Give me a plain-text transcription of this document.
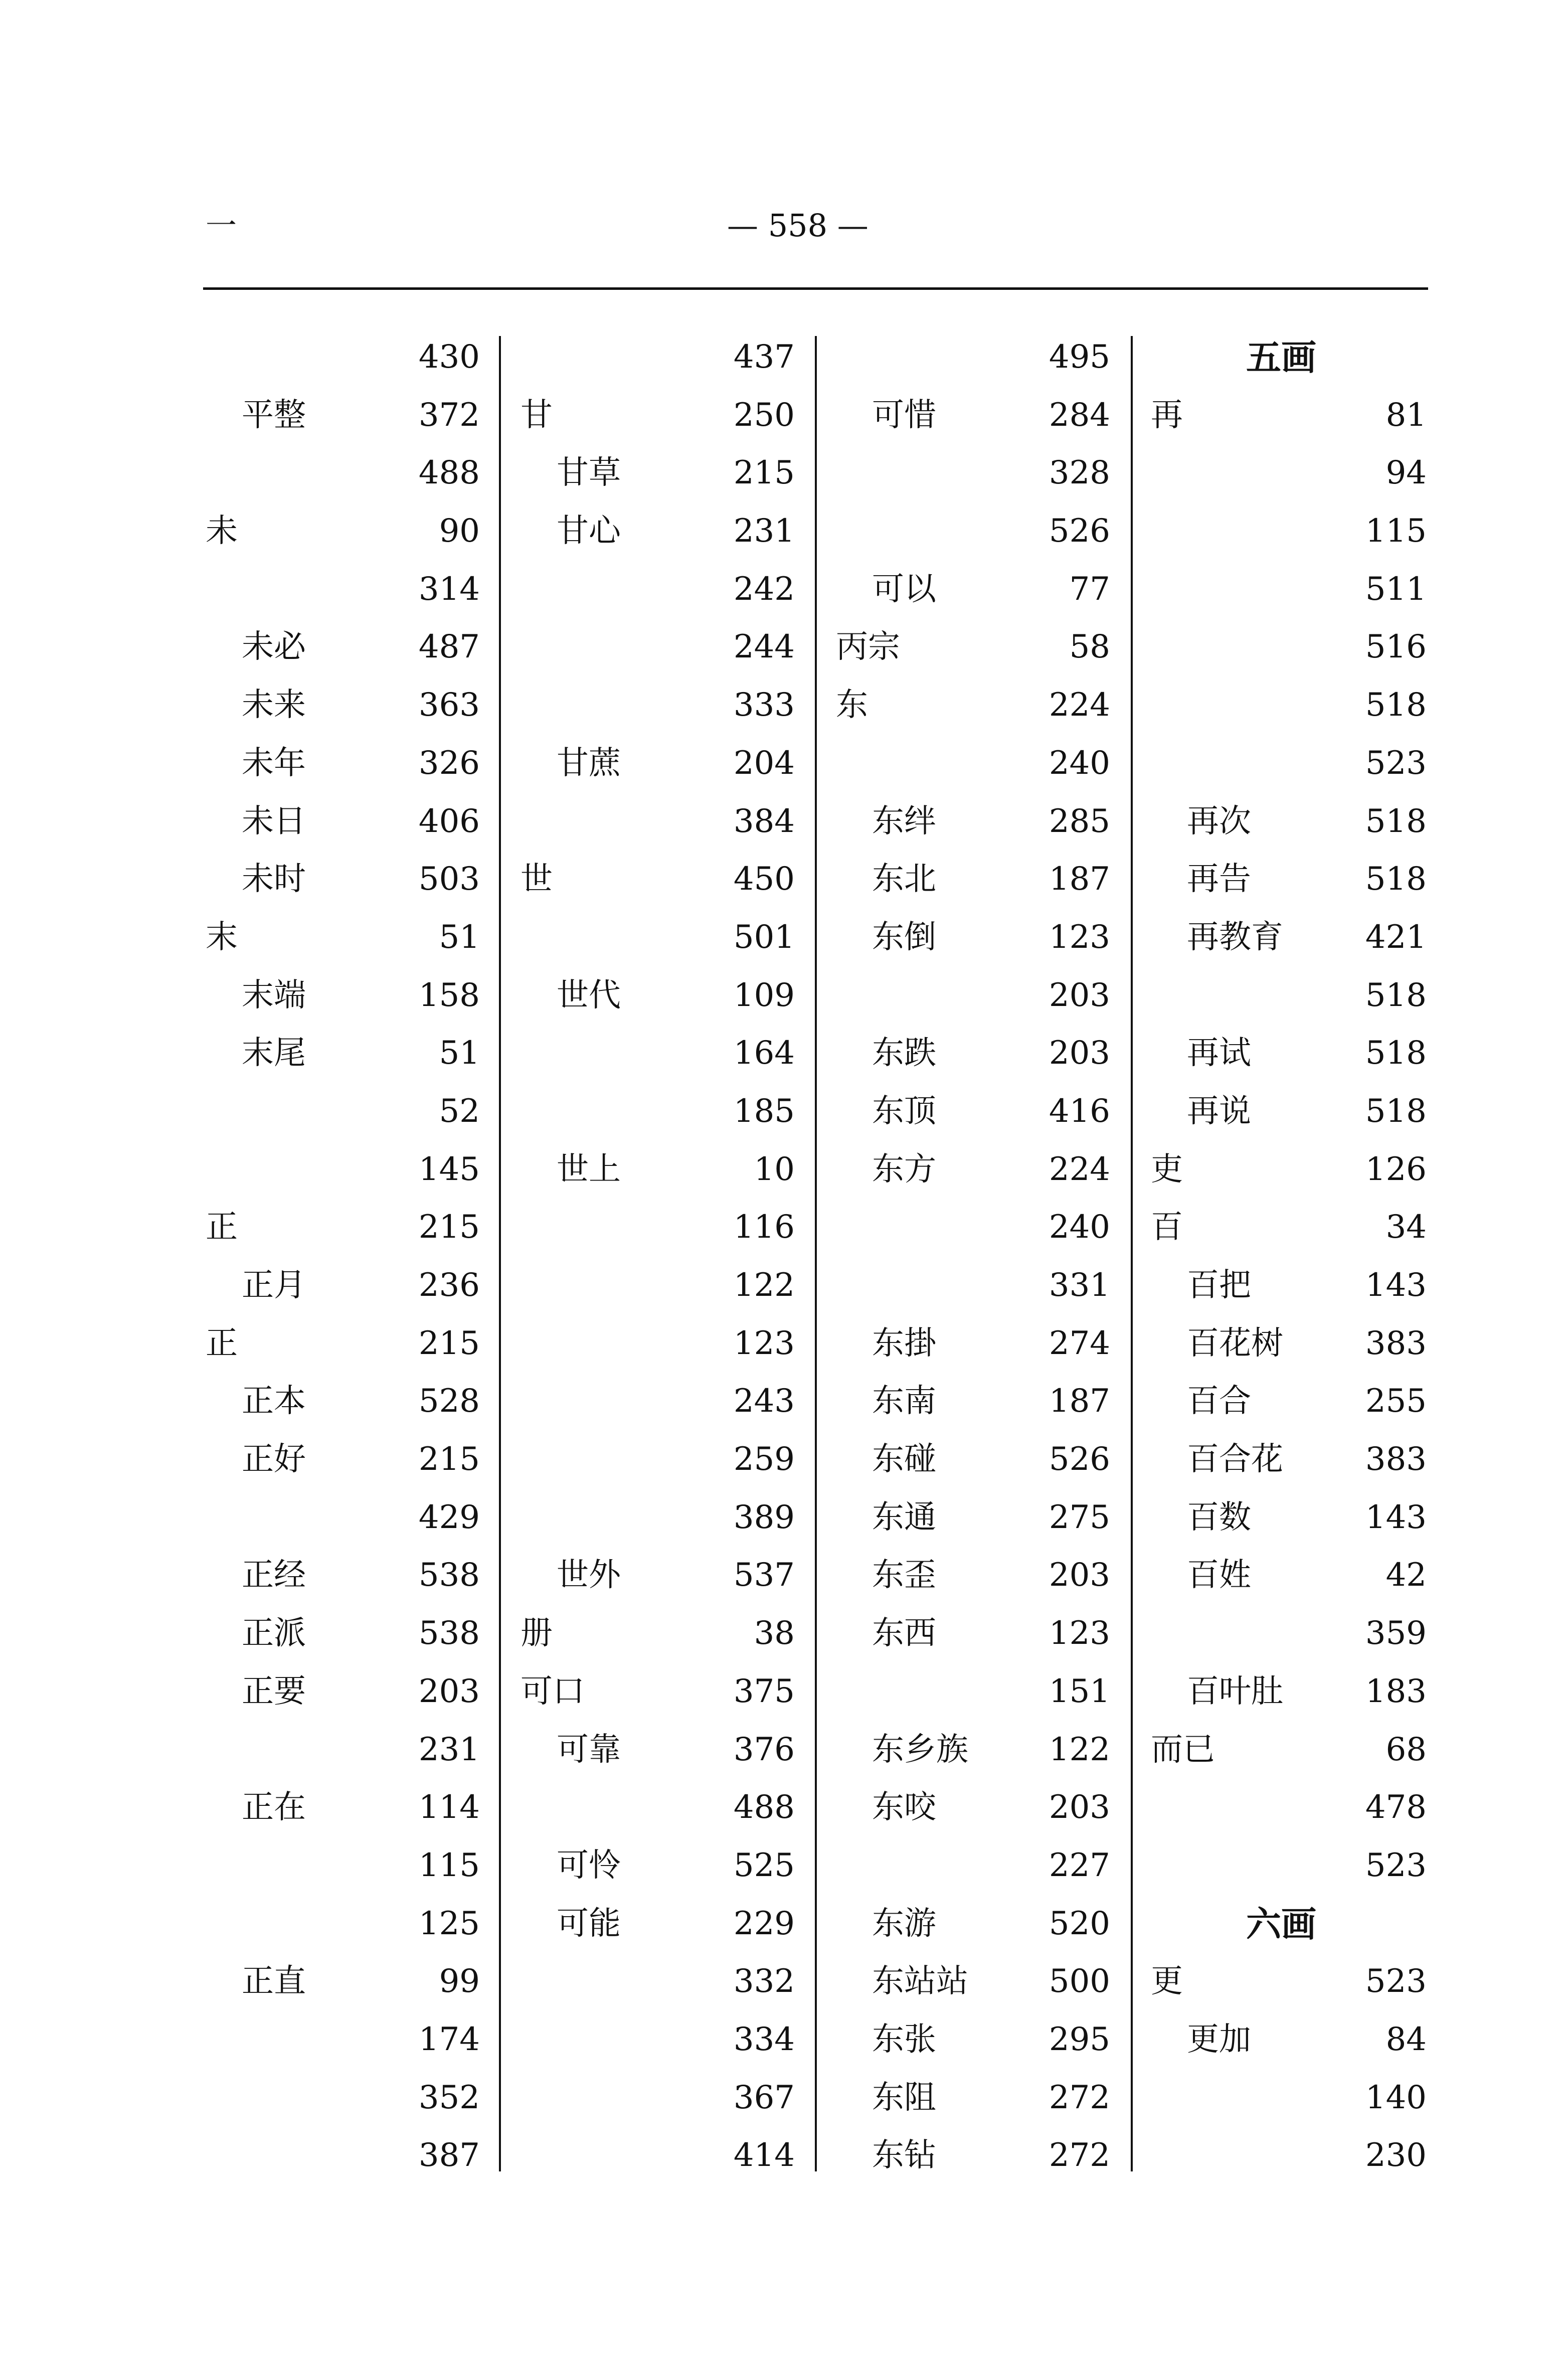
一	— 558 —
430
平整	372
488
未	90
314
未必	487
未来	363
未年	326
未日	406
未时	503
末	51
末端	158
末尾	51
52
145
正	215
正月	236
正	215
正本	528
正好	215
429
正经	538
正派	538
正要	203
231
正在	114
115
125
正直	99
174
352
387
437
甘	250
甘草	215
甘心	231
242
244
333
甘蔗	204
384
世	450
501
世代	109
164
185
世上	10
116
122
123
243
259
389
世外	537
册	38
可口	375
可靠	376
488
可怜	525
可能	229
332
334
367
414
495
可惜	284
328
526
可以	77
丙宗	58
东	224
240
东绊	285
东北	187
东倒	123
203
东跌	203
东顶	416
东方	224
240
331
东掛	274
东南	187
东碰	526
东通	275
东歪	203
东西	123
151
东乡族	122
东咬	203
227
东游	520
东站站	500
东张	295
东阻	272
东钻	272
五画
再	81
94
115
511
516
518
523
再次	518
再告	518
再教育	421
518
再试	518
再说	518
吏	126
百	34
百把	143
百花树	383
百合	255
百合花	383
百数	143
百姓	42
359
百叶肚	183
而已	68
478
523
六画
更	523
更加	84
140
230
